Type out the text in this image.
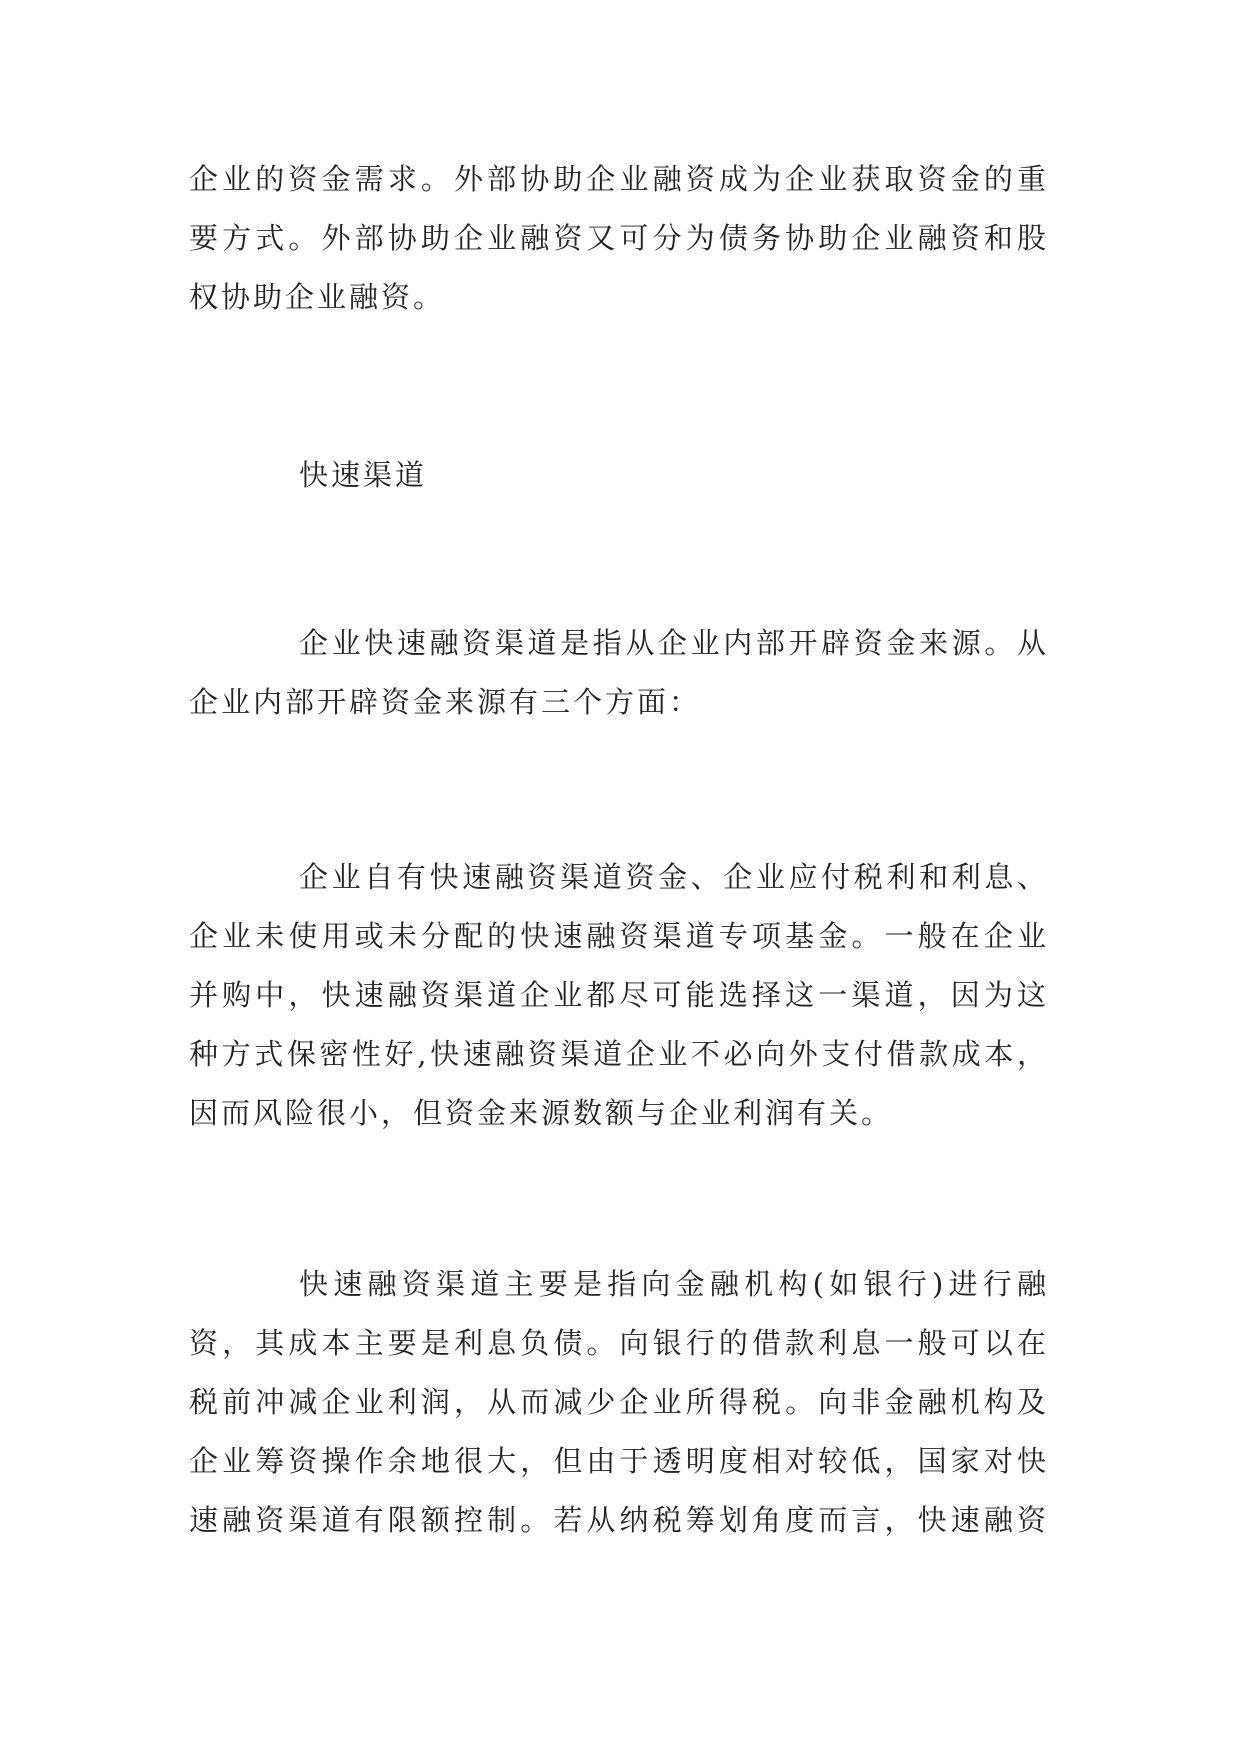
企业的资金需求。外部协助企业融资成为企业获取资金的重
要方式。外部协助企业融资又可分为债务协助企业融资和股
权协助企业融资。
快速渠道
企业快速融资渠道是指从企业内部开辟资金来源。从
企业内部开辟资金来源有三个方面：
企业自有快速融资渠道资金、企业应付税利和利息、
企业未使用或未分配的快速融资渠道专项基金。一般在企业
并购中，快速融资渠道企业都尽可能选择这一渠道，因为这
种方式保密性好,快速融资渠道企业不必向外支付借款成本，
因而风险很小，但资金来源数额与企业利润有关。
快速融资渠道主要是指向金融机构(如银行)进行融
资，其成本主要是利息负债。向银行的借款利息一般可以在
税前冲减企业利润，从而减少企业所得税。向非金融机构及
企业筹资操作余地很大，但由于透明度相对较低，国家对快
速融资渠道有限额控制。若从纳税筹划角度而言，快速融资
